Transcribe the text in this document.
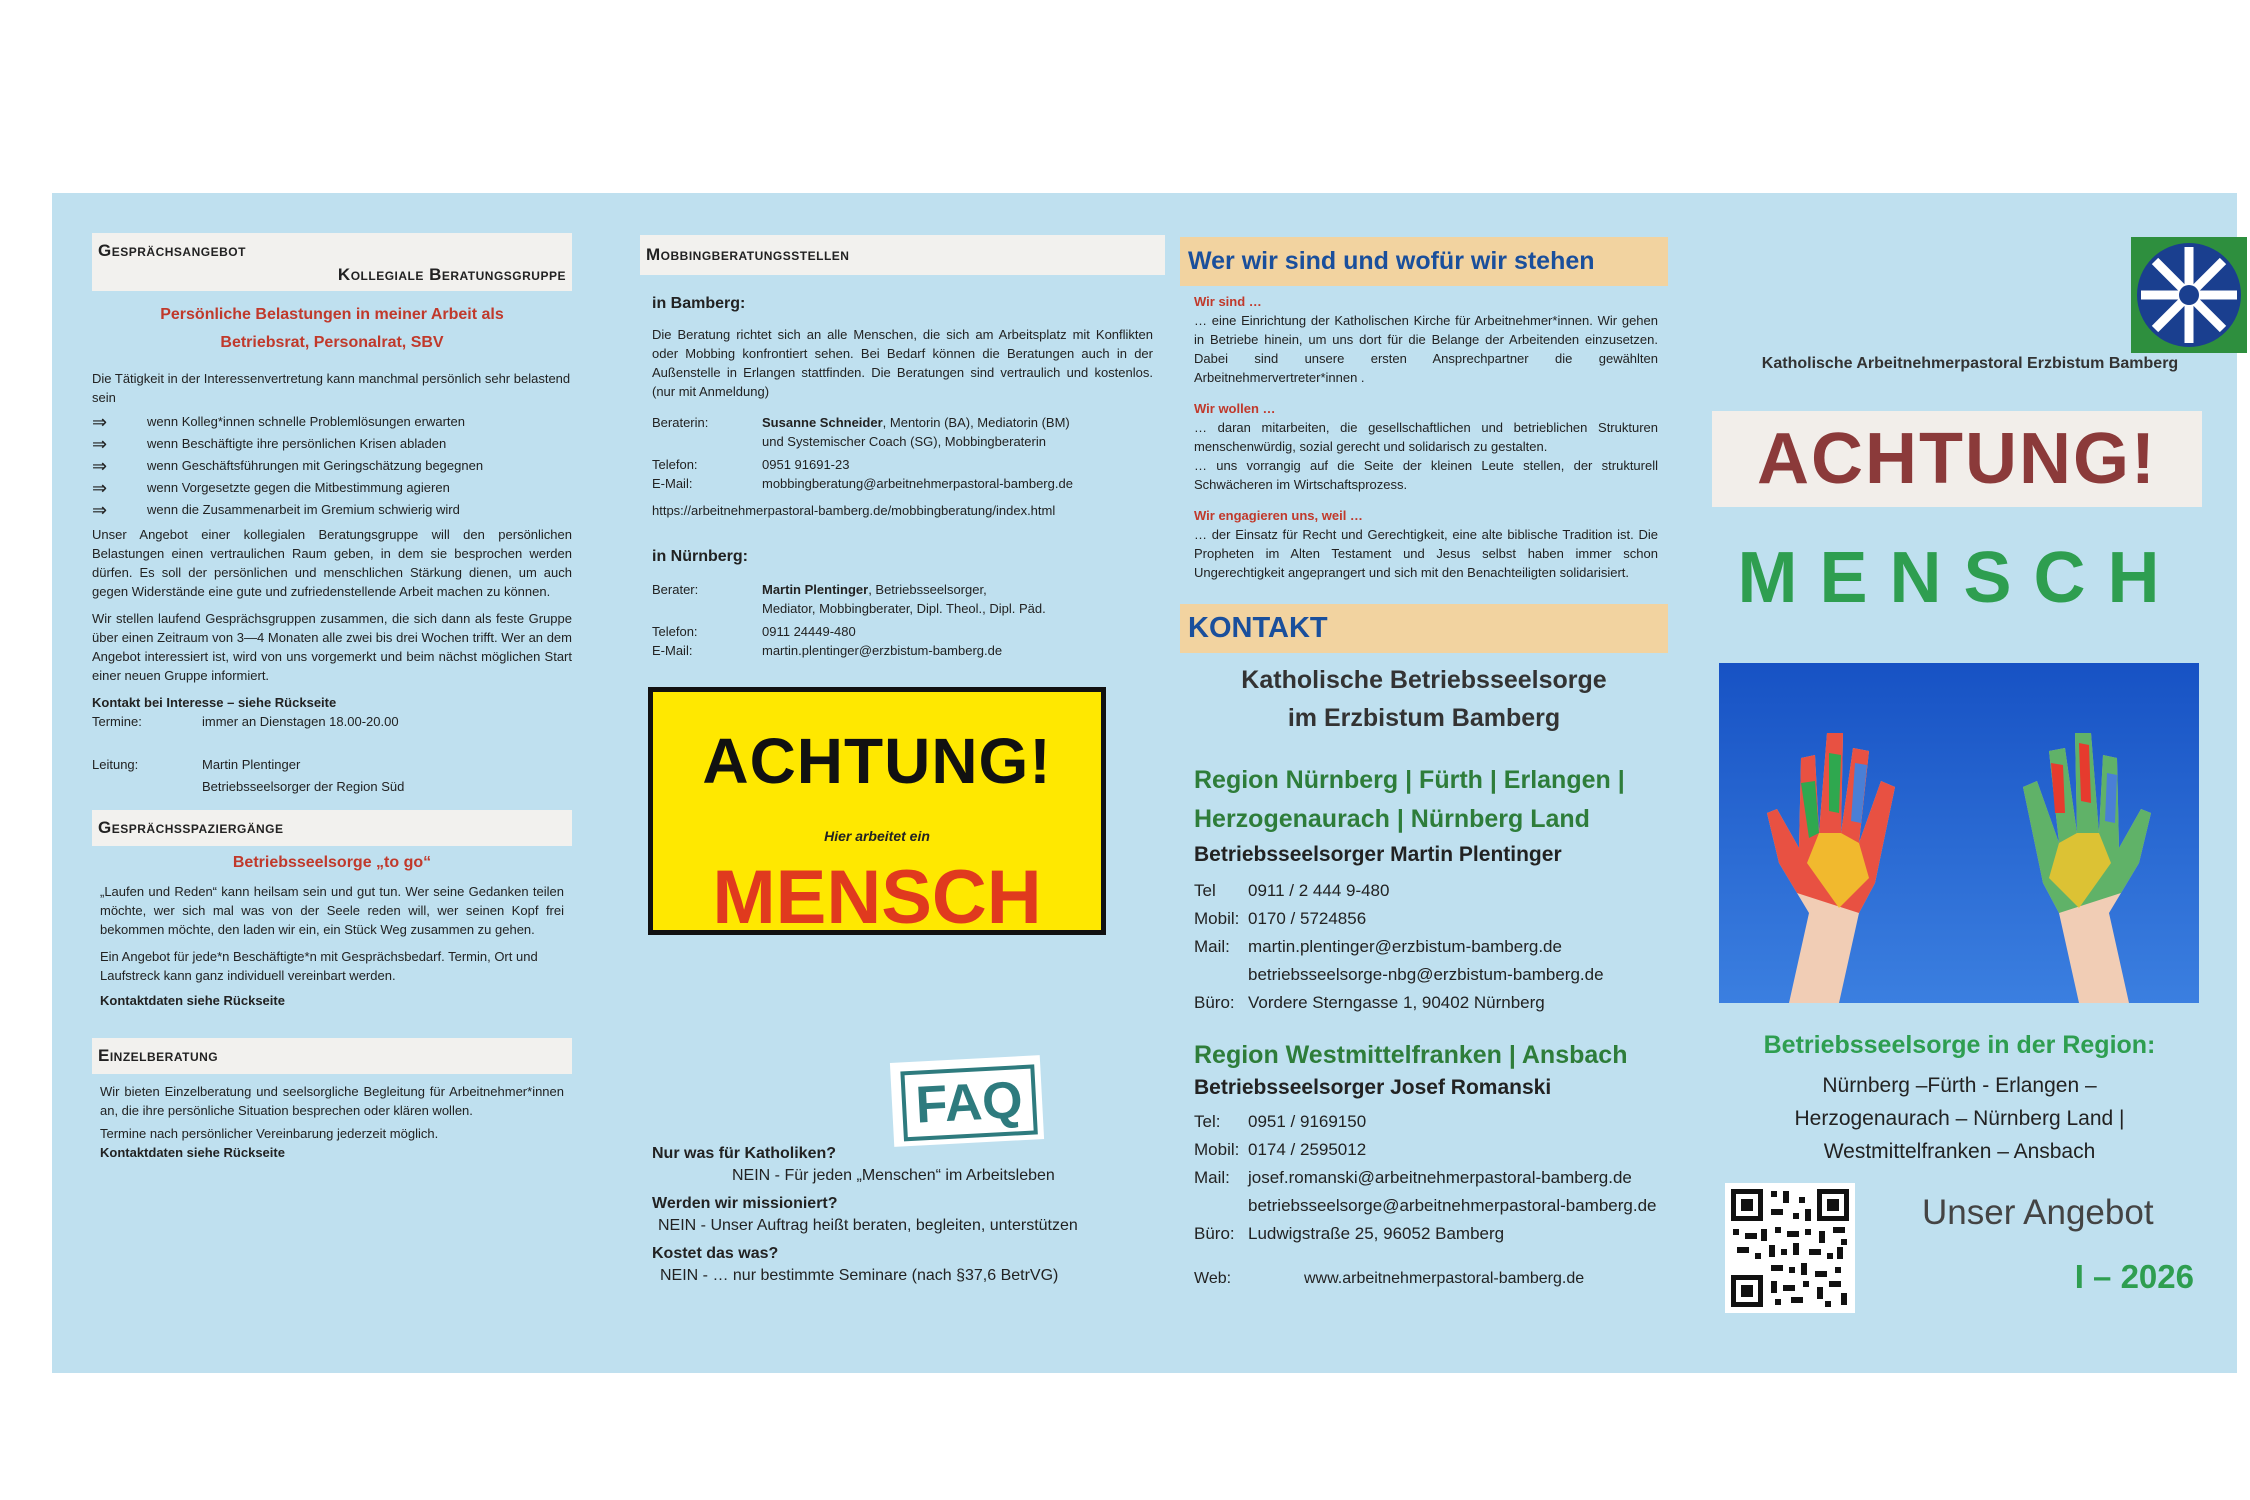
Gesprächsangebot
Kollegiale Beratungsgruppe
Persönliche Belastungen in meiner Arbeit als
Betriebsrat, Personalrat, SBV
Die Tätigkeit in der Interessenvertretung kann manchmal persönlich sehr belastend sein
⇒	wenn Kolleg*innen schnelle Problemlösungen erwarten
⇒	wenn Beschäftigte ihre persönlichen Krisen abladen
⇒	wenn Geschäftsführungen mit Geringschätzung begegnen
⇒	wenn Vorgesetzte gegen die Mitbestimmung agieren
⇒	wenn die Zusammenarbeit im Gremium schwierig wird
Unser Angebot einer kollegialen Beratungsgruppe will den persönlichen Belastungen einen vertraulichen Raum geben, in dem sie besprochen werden dürfen. Es soll der persönlichen und menschlichen Stärkung dienen, um auch gegen Widerstände eine gute und zufriedenstellende Arbeit machen zu können.
Wir stellen laufend Gesprächsgruppen zusammen, die sich dann als feste Gruppe über einen Zeitraum von 3—4 Monaten alle zwei bis drei Wochen trifft. Wer an dem Angebot interessiert ist, wird von uns vorgemerkt und beim nächst möglichen Start einer neuen Gruppe informiert.
Kontakt bei Interesse – siehe Rückseite
Termine:	immer an Dienstagen 18.00-20.00
Leitung:	Martin Plentinger
Betriebsseelsorger der Region Süd
Gesprächsspaziergänge
Betriebsseelsorge „to go“
„Laufen und Reden“ kann heilsam sein und gut tun. Wer seine Gedanken teilen möchte, wer sich mal was von der Seele reden will, wer seinen Kopf frei bekommen möchte, den laden wir ein, ein Stück Weg zusammen zu gehen.
Ein Angebot für jede*n Beschäftigte*n mit Gesprächsbedarf. Termin, Ort und Laufstreck kann ganz individuell vereinbart werden.
Kontaktdaten siehe Rückseite
Einzelberatung
Wir bieten Einzelberatung und seelsorgliche Begleitung für Arbeitnehmer*innen an, die ihre persönliche Situation besprechen oder klären wollen.
Termine nach persönlicher Vereinbarung jederzeit möglich.
Kontaktdaten siehe Rückseite
Mobbingberatungsstellen
in Bamberg:
Die Beratung richtet sich an alle Menschen, die sich am Arbeitsplatz mit Konflikten oder Mobbing konfrontiert sehen. Bei Bedarf können die Beratungen auch in der Außenstelle in Erlangen stattfinden. Die Beratungen sind vertraulich und kostenlos. (nur mit Anmeldung)
Beraterin:	Susanne Schneider, Mentorin (BA), Mediatorin (BM)
und Systemischer Coach (SG), Mobbingberaterin
Telefon:	0951 91691-23
E-Mail:	mobbingberatung@arbeitnehmerpastoral-bamberg.de
https://arbeitnehmerpastoral-bamberg.de/mobbingberatung/index.html
in Nürnberg:
Berater:	Martin Plentinger, Betriebsseelsorger,
Mediator, Mobbingberater, Dipl. Theol., Dipl. Päd.
Telefon:	0911 24449-480
E-Mail:	martin.plentinger@erzbistum-bamberg.de
ACHTUNG!
Hier arbeitet ein
MENSCH
FAQ
Nur was für Katholiken?
NEIN - Für jeden „Menschen“ im Arbeitsleben
Werden wir missioniert?
NEIN - Unser Auftrag heißt beraten, begleiten, unterstützen
Kostet das was?
NEIN - … nur bestimmte Seminare (nach §37,6 BetrVG)
Wer wir sind und wofür wir stehen
Wir sind …
… eine Einrichtung der Katholischen Kirche für Arbeitnehmer*innen. Wir gehen in Betriebe hinein, um uns dort für die Belange der Arbeitenden einzusetzen. Dabei sind unsere ersten Ansprechpartner die gewählten Arbeitnehmervertreter*innen .
Wir wollen …
… daran mitarbeiten, die gesellschaftlichen und betrieblichen Strukturen menschenwürdig, sozial gerecht und solidarisch zu gestalten.
… uns vorrangig auf die Seite der kleinen Leute stellen, der strukturell Schwächeren im Wirtschaftsprozess.
Wir engagieren uns, weil …
… der Einsatz für Recht und Gerechtigkeit, eine alte biblische Tradition ist. Die Propheten im Alten Testament und Jesus selbst haben immer schon Ungerechtigkeit angeprangert und sich mit den Benachteiligten solidarisiert.
KONTAKT
Katholische Betriebsseelsorge
im Erzbistum Bamberg
Region Nürnberg | Fürth | Erlangen |
Herzogenaurach | Nürnberg Land
Betriebsseelsorger Martin Plentinger
Tel	0911 / 2 444 9-480
Mobil: 0170 / 5724856
Mail:	martin.plentinger@erzbistum-bamberg.de
betriebsseelsorge-nbg@erzbistum-bamberg.de
Büro: Vordere Sterngasse 1, 90402 Nürnberg
Region Westmittelfranken | Ansbach
Betriebsseelsorger Josef Romanski
Tel:	0951 / 9169150
Mobil: 0174 / 2595012
Mail:	josef.romanski@arbeitnehmerpastoral-bamberg.de
betriebsseelsorge@arbeitnehmerpastoral-bamberg.de
Büro: Ludwigstraße 25, 96052 Bamberg
Web:	www.arbeitnehmerpastoral-bamberg.de
Katholische Arbeitnehmerpastoral Erzbistum Bamberg
ACHTUNG!
MENSCH
Betriebsseelsorge in der Region:
Nürnberg –Fürth - Erlangen –
Herzogenaurach – Nürnberg Land |
Westmittelfranken – Ansbach
Unser Angebot
I – 2026
